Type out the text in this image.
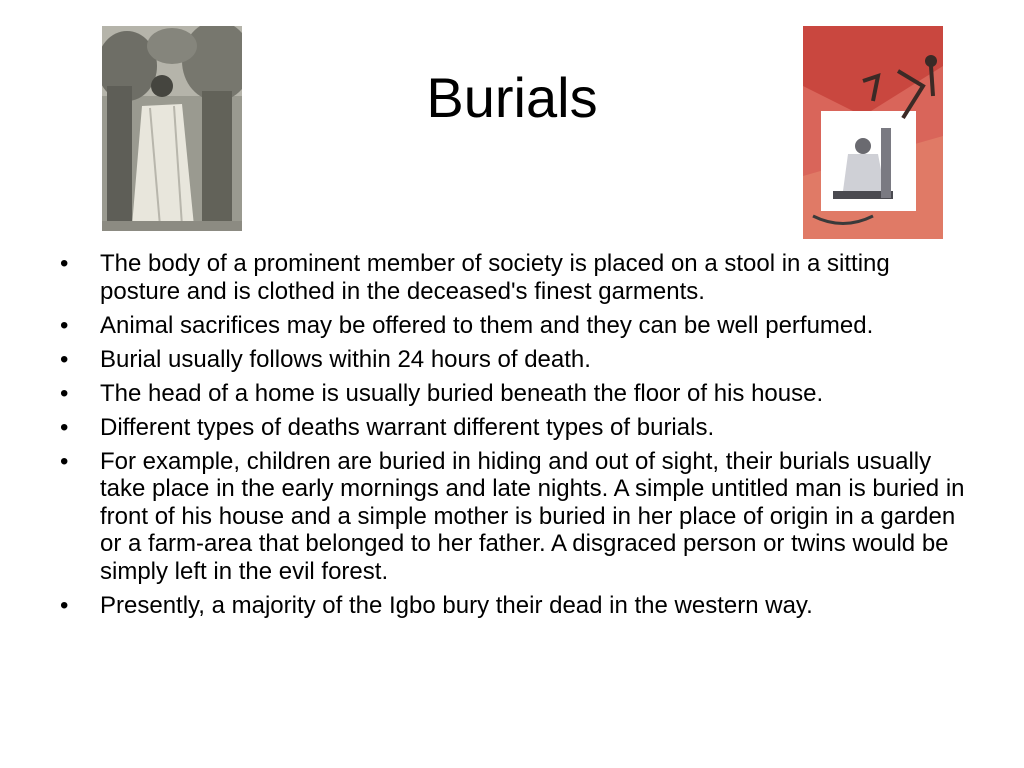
Burials
•	The body of a prominent member of society is placed on a stool in a sitting posture and is clothed in the deceased's finest garments.
•	Animal sacrifices may be offered to them and they can be well perfumed.
•	Burial usually follows within 24 hours of death.
•	The head of a home is usually buried beneath the floor of his house.
•	Different types of deaths warrant different types of burials.
•	For example, children are buried in hiding and out of sight, their burials usually take place in the early mornings and late nights. A simple untitled man is buried in front of his house and a simple mother is buried in her place of origin in a garden or a farm-area that belonged to her father. A disgraced person or twins would be simply left in the evil forest.
•	Presently, a majority of the Igbo bury their dead in the western way.
